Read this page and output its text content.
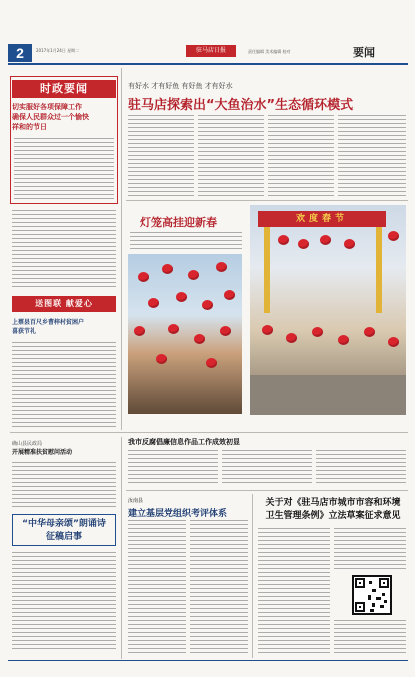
2	2017年1月24日 星期二	驻马店日报	责任编辑 美术编辑 校对	要闻
时政要闻
切实服好各项保障工作
确保人民群众过一个愉快
祥和的节日
送图联 献爱心
上蔡县百尺乡曹梓村贫困户
喜获节礼
确山县民政局
开展精准扶贫慰问活动
“中华母亲颂”朗诵诗
征稿启事
有好水 才有好鱼 有好鱼 才有好水
驻马店探索出“大鱼治水”生态循环模式
灯笼高挂迎新春	欢度春节
我市反腐倡廉信息作品工作成效初显
汝南县
建立基层党组织考评体系
关于对《驻马店市城市市容和环境
卫生管理条例》立法草案征求意见
